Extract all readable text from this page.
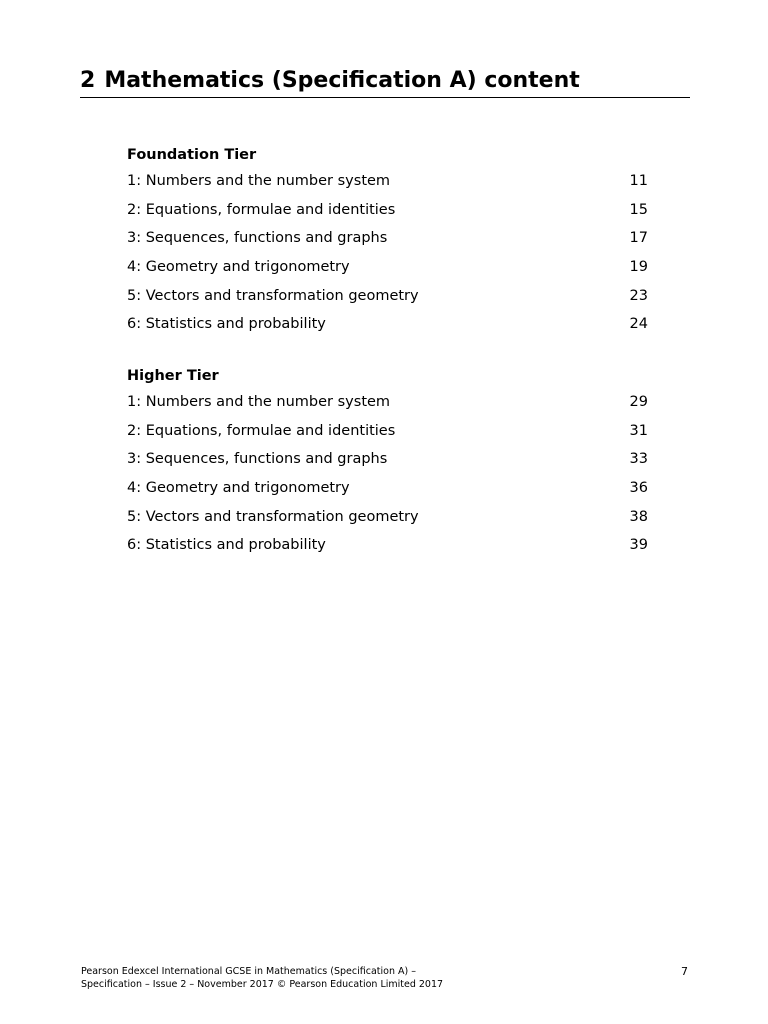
2 Mathematics (Specification A) content
Foundation Tier
1: Numbers and the number system	11
2: Equations, formulae and identities	15
3: Sequences, functions and graphs	17
4: Geometry and trigonometry	19
5: Vectors and transformation geometry	23
6: Statistics and probability	24
Higher Tier
1: Numbers and the number system	29
2: Equations, formulae and identities	31
3: Sequences, functions and graphs	33
4: Geometry and trigonometry	36
5: Vectors and transformation geometry	38
6: Statistics and probability	39
Pearson Edexcel International GCSE in Mathematics (Specification A) –
Specification – Issue 2 – November 2017 © Pearson Education Limited 2017
7
